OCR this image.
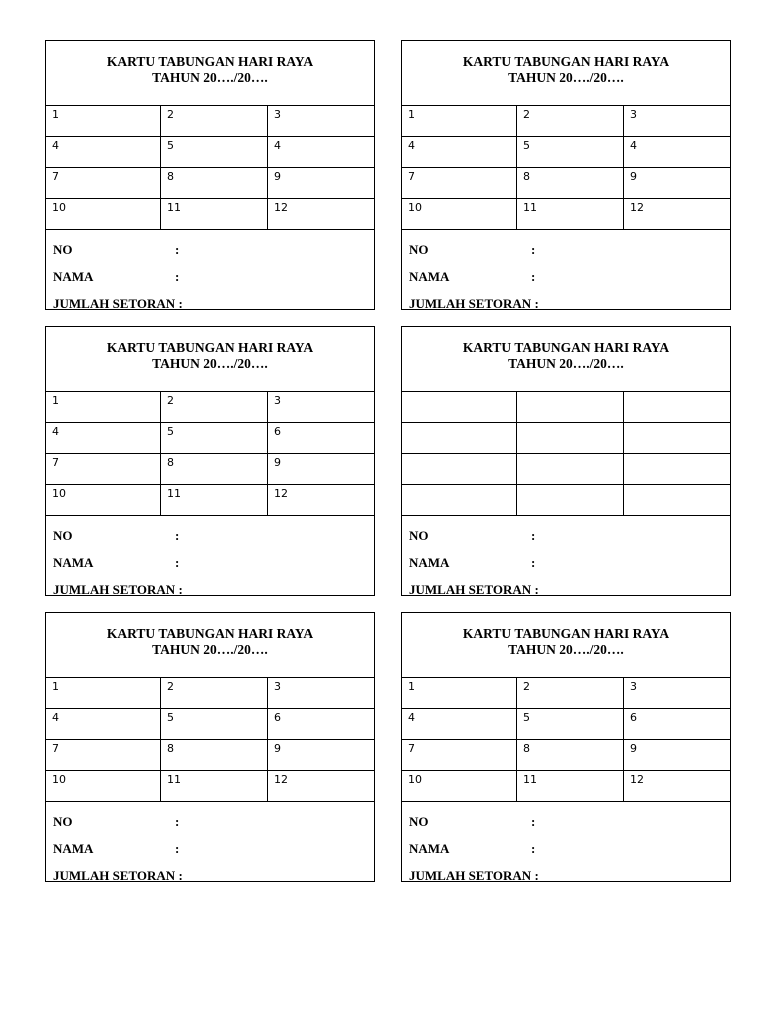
KARTU TABUNGAN HARI RAYA
TAHUN 20…./20….
1	2	3
4	5	4
7	8	9
10	11	12
NO	:
NAMA	:
JUMLAH SETORAN :
KARTU TABUNGAN HARI RAYA
TAHUN 20…./20….
1	2	3
4	5	4
7	8	9
10	11	12
NO	:
NAMA	:
JUMLAH SETORAN :
KARTU TABUNGAN HARI RAYA
TAHUN 20…./20….
1	2	3
4	5	6
7	8	9
10	11	12
NO	:
NAMA	:
JUMLAH SETORAN :
KARTU TABUNGAN HARI RAYA
TAHUN 20…./20….
NO	:
NAMA	:
JUMLAH SETORAN :
KARTU TABUNGAN HARI RAYA
TAHUN 20…./20….
1	2	3
4	5	6
7	8	9
10	11	12
NO	:
NAMA	:
JUMLAH SETORAN :
KARTU TABUNGAN HARI RAYA
TAHUN 20…./20….
1	2	3
4	5	6
7	8	9
10	11	12
NO	:
NAMA	:
JUMLAH SETORAN :
